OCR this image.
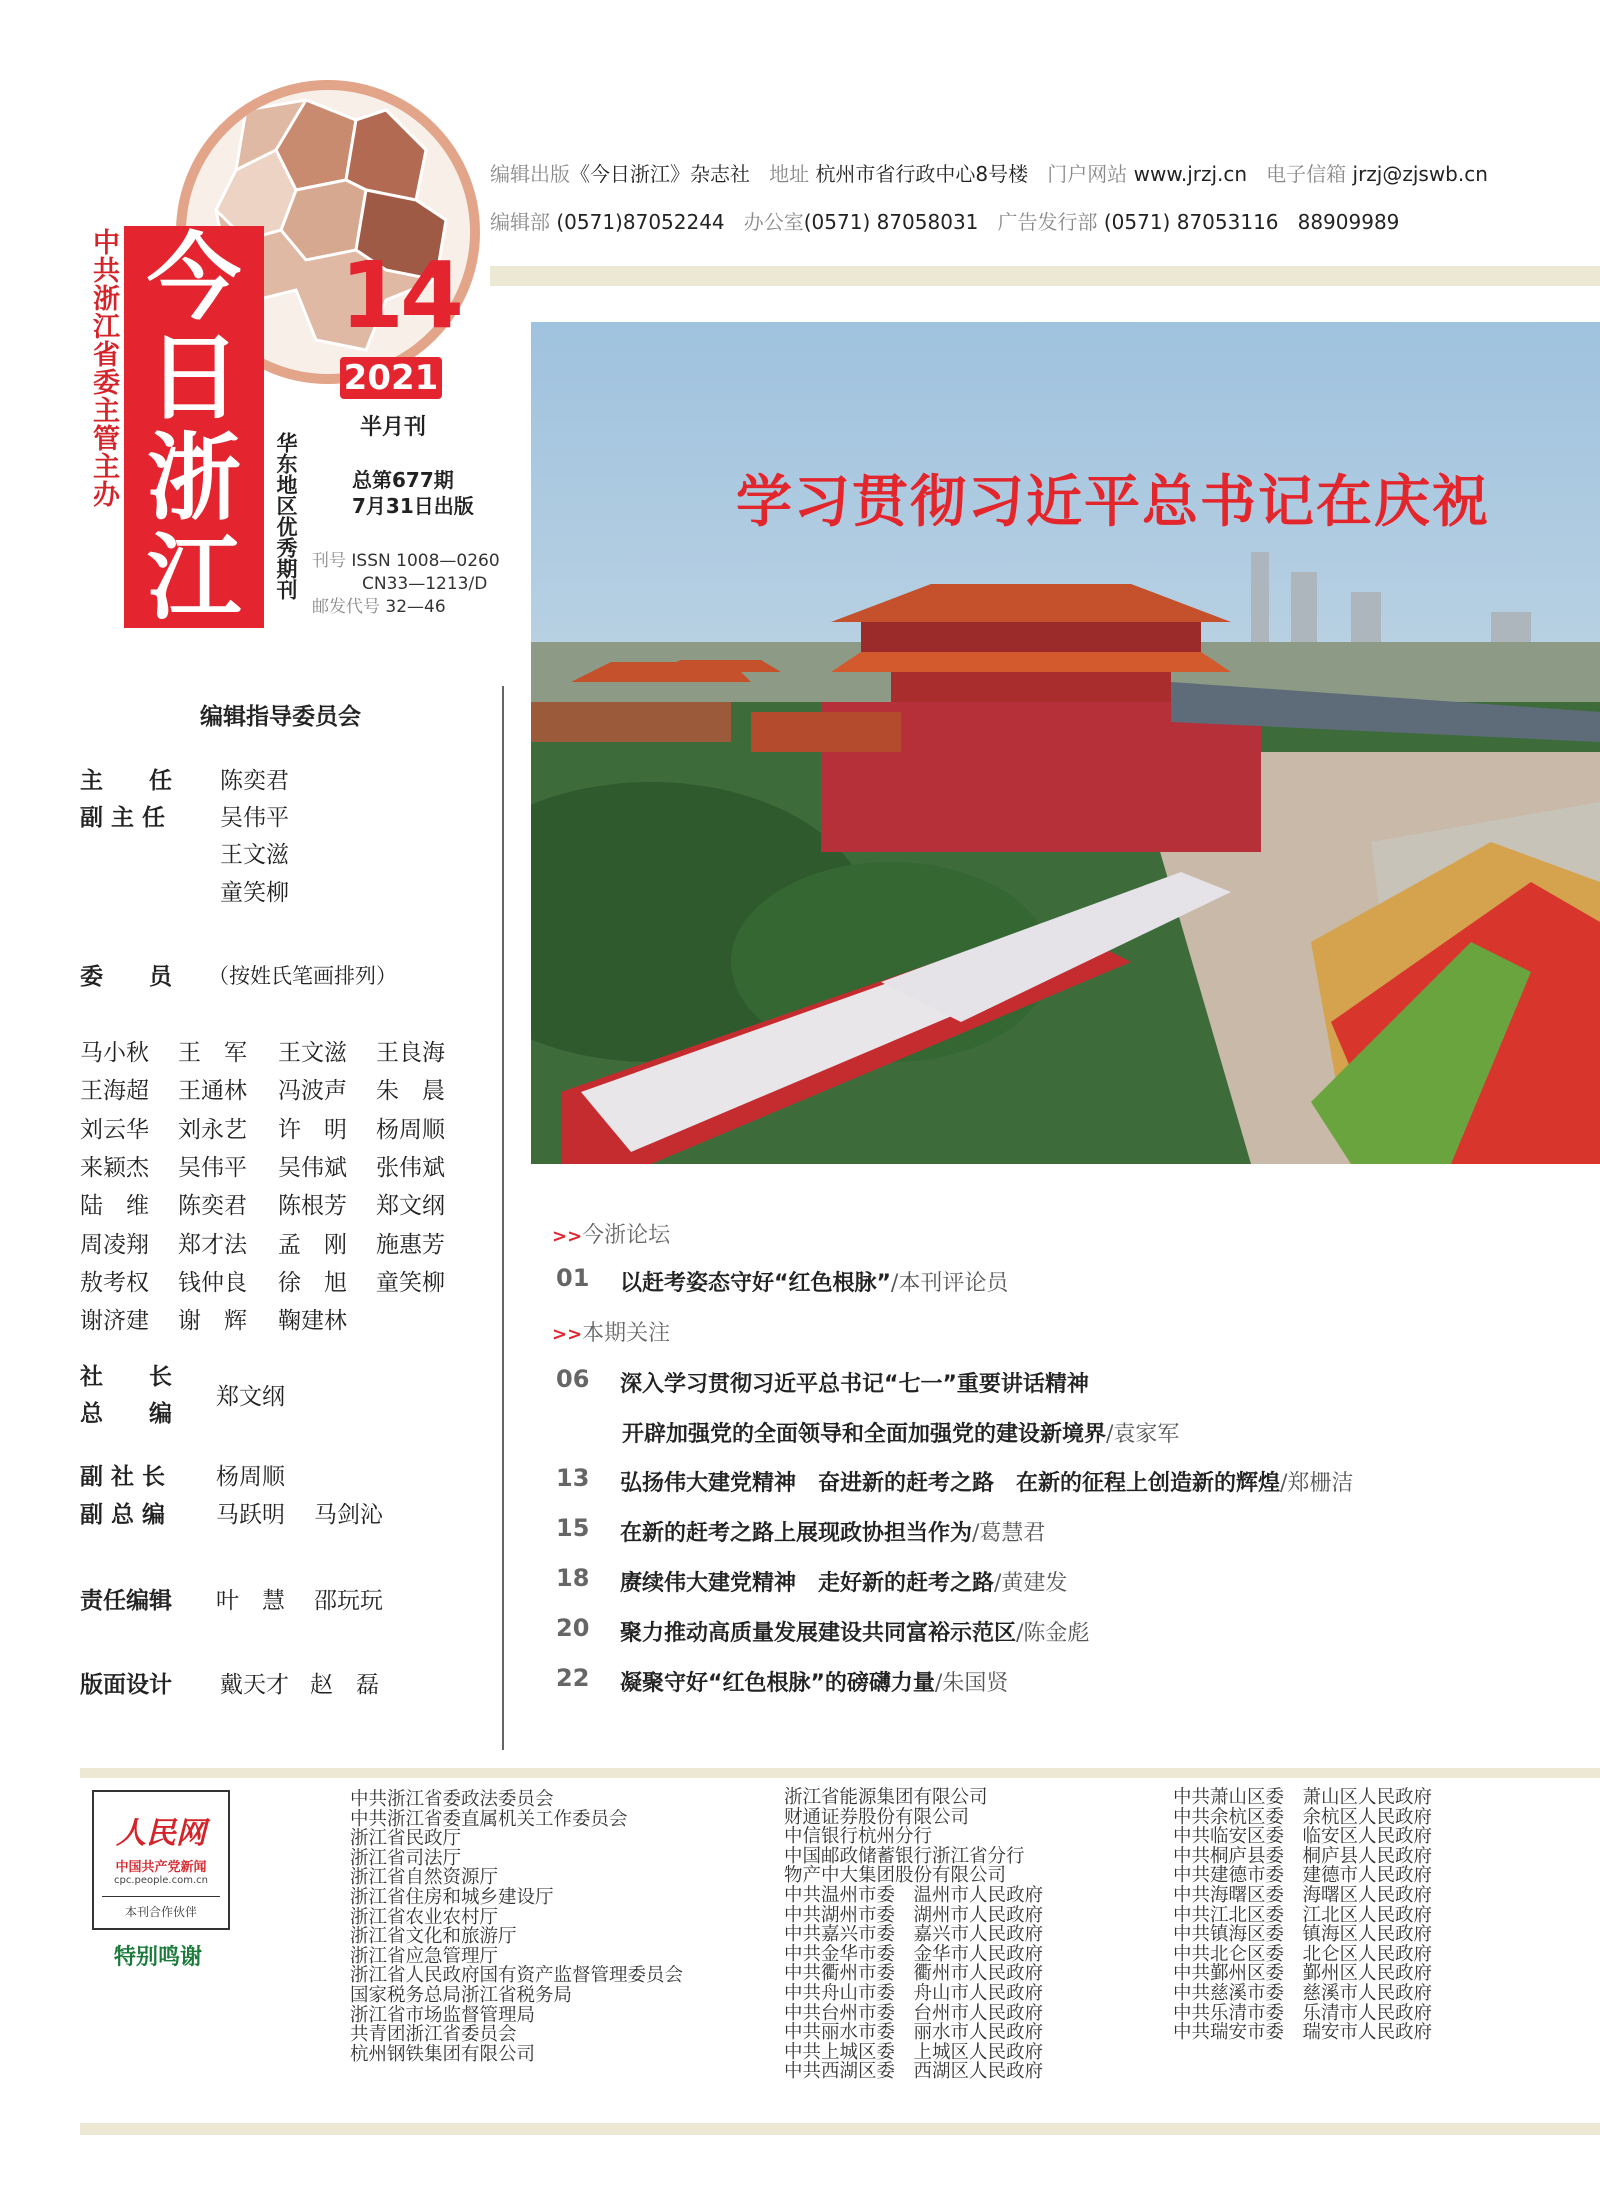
中共浙江省委主管主办 今
日
浙
江
14
2021
半月刊
华东地区优秀期刊	总第677期
7月31日出版
刊号 ISSN 1008—0260
CN33—1213/D
邮发代号 32—46
编辑出版《今日浙江》杂志社 地址 杭州市省行政中心8号楼 门户网站 www.jrzj.cn 电子信箱 jrzj@zjswb.cn
编辑部 (0571)87052244 办公室(0571) 87058031 广告发行部 (0571) 87053116 88909989
学习贯彻习近平总书记在庆祝
编辑指导委员会
主　　任 陈奕君
副 主 任 吴伟平
王文滋
童笑柳
委　　员 （按姓氏笔画排列）
马小秋 王　军 王文滋 王良海
王海超 王通林 冯波声 朱　晨
刘云华 刘永艺 许　明 杨周顺
来颖杰 吴伟平 吴伟斌 张伟斌
陆　维 陈奕君 陈根芳 郑文纲
周凌翔 郑才法 孟　刚 施惠芳
敖考权 钱仲良 徐　旭 童笑柳
谢济建 谢　辉 鞠建林
社　　长
总　　编
郑文纲
副 社 长 杨周顺
副 总 编 马跃明 马剑沁
责任编辑 叶　慧 邵玩玩
版面设计 戴天才 赵　磊
>>今浙论坛
>>本期关注
01 以赶考姿态守好“红色根脉”/本刊评论员
06 深入学习贯彻习近平总书记“七一”重要讲话精神
开辟加强党的全面领导和全面加强党的建设新境界/袁家军
13 弘扬伟大建党精神　奋进新的赶考之路　在新的征程上创造新的辉煌/郑栅洁
15 在新的赶考之路上展现政协担当作为/葛慧君
18 赓续伟大建党精神　走好新的赶考之路/黄建发
20 聚力推动高质量发展建设共同富裕示范区/陈金彪
22 凝聚守好“红色根脉”的磅礴力量/朱国贤
人民网
中国共产党新闻
cpc.people.com.cn
本刊合作伙伴
特别鸣谢
中共浙江省委政法委员会
中共浙江省委直属机关工作委员会
浙江省民政厅
浙江省司法厅
浙江省自然资源厅
浙江省住房和城乡建设厅
浙江省农业农村厅
浙江省文化和旅游厅
浙江省应急管理厅
浙江省人民政府国有资产监督管理委员会
国家税务总局浙江省税务局
浙江省市场监督管理局
共青团浙江省委员会
杭州钢铁集团有限公司
浙江省能源集团有限公司
财通证券股份有限公司
中信银行杭州分行
中国邮政储蓄银行浙江省分行
物产中大集团股份有限公司
中共温州市委　温州市人民政府
中共湖州市委　湖州市人民政府
中共嘉兴市委　嘉兴市人民政府
中共金华市委　金华市人民政府
中共衢州市委　衢州市人民政府
中共舟山市委　舟山市人民政府
中共台州市委　台州市人民政府
中共丽水市委　丽水市人民政府
中共上城区委　上城区人民政府
中共西湖区委　西湖区人民政府
中共萧山区委　萧山区人民政府
中共余杭区委　余杭区人民政府
中共临安区委　临安区人民政府
中共桐庐县委　桐庐县人民政府
中共建德市委　建德市人民政府
中共海曙区委　海曙区人民政府
中共江北区委　江北区人民政府
中共镇海区委　镇海区人民政府
中共北仑区委　北仑区人民政府
中共鄞州区委　鄞州区人民政府
中共慈溪市委　慈溪市人民政府
中共乐清市委　乐清市人民政府
中共瑞安市委　瑞安市人民政府
